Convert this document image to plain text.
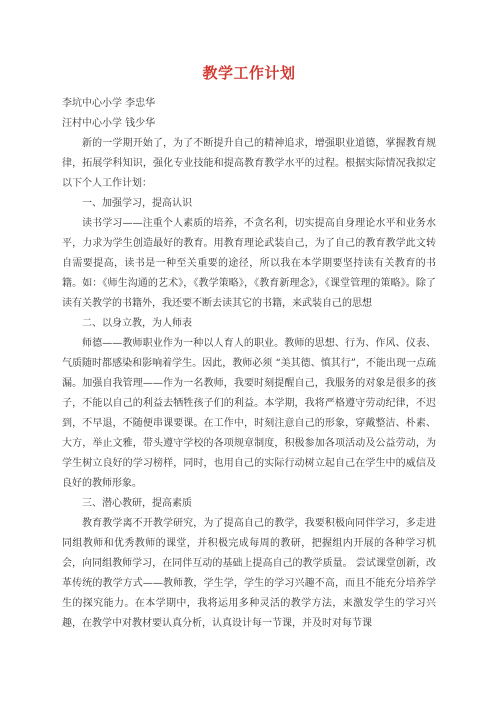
教学工作计划

李坑中心小学 李忠华

汪村中心小学 钱少华

新的一学期开始了，为了不断提升自己的精神追求，增强职业道德，掌握教育规律，拓展学科知识，强化专业技能和提高教育教学水平的过程。根据实际情况我拟定以下个人工作计划：

一、加强学习，提高认识

读书学习——注重个人素质的培养，不贪名利，切实提高自身理论水平和业务水平，力求为学生创造最好的教育。用教育理论武装自己，为了自己的教育教学此文转自需要提高，读书是一种至关重要的途径，所以我在本学期要坚持读有关教育的书籍。如：《师生沟通的艺术》，《教学策略》，《教育新理念》，《课堂管理的策略》。除了读有关教学的书籍外，我还要不断去读其它的书籍，来武装自己的思想

二、以身立教，为人师表

师德——教师职业作为一种以人育人的职业。教师的思想、行为、作风、仪表、气质随时都感染和影响着学生。因此，教师必须 “美其德、慎其行”，不能出现一点疏漏。加强自我管理——作为一名教师，我要时刻提醒自己，我服务的对象是很多的孩子，不能以自己的利益去牺牲孩子们的利益。本学期，我将严格遵守劳动纪律，不迟到，不早退，不随便串课要课。在工作中，时刻注意自己的形象，穿戴整洁、朴素、大方，举止文雅，带头遵守学校的各项规章制度，积极参加各项活动及公益劳动，为学生树立良好的学习榜样，同时，也用自己的实际行动树立起自己在学生中的威信及良好的教师形象。

三、潜心教研，提高素质

教育教学离不开教学研究，为了提高自己的教学，我要积极向同伴学习，多走进同组教师和优秀教师的课堂，并积极完成每周的教研，把握组内开展的各种学习机会，向同组教师学习，在同伴互动的基础上提高自己的教学质量。 尝试课堂创新，改革传统的教学方式——教师教，学生学，学生的学习兴趣不高，而且不能充分培养学生的探究能力。在本学期中，我将运用多种灵活的教学方法，来激发学生的学习兴趣，在教学中对教材要认真分析，认真设计每一节课，并及时对每节课
